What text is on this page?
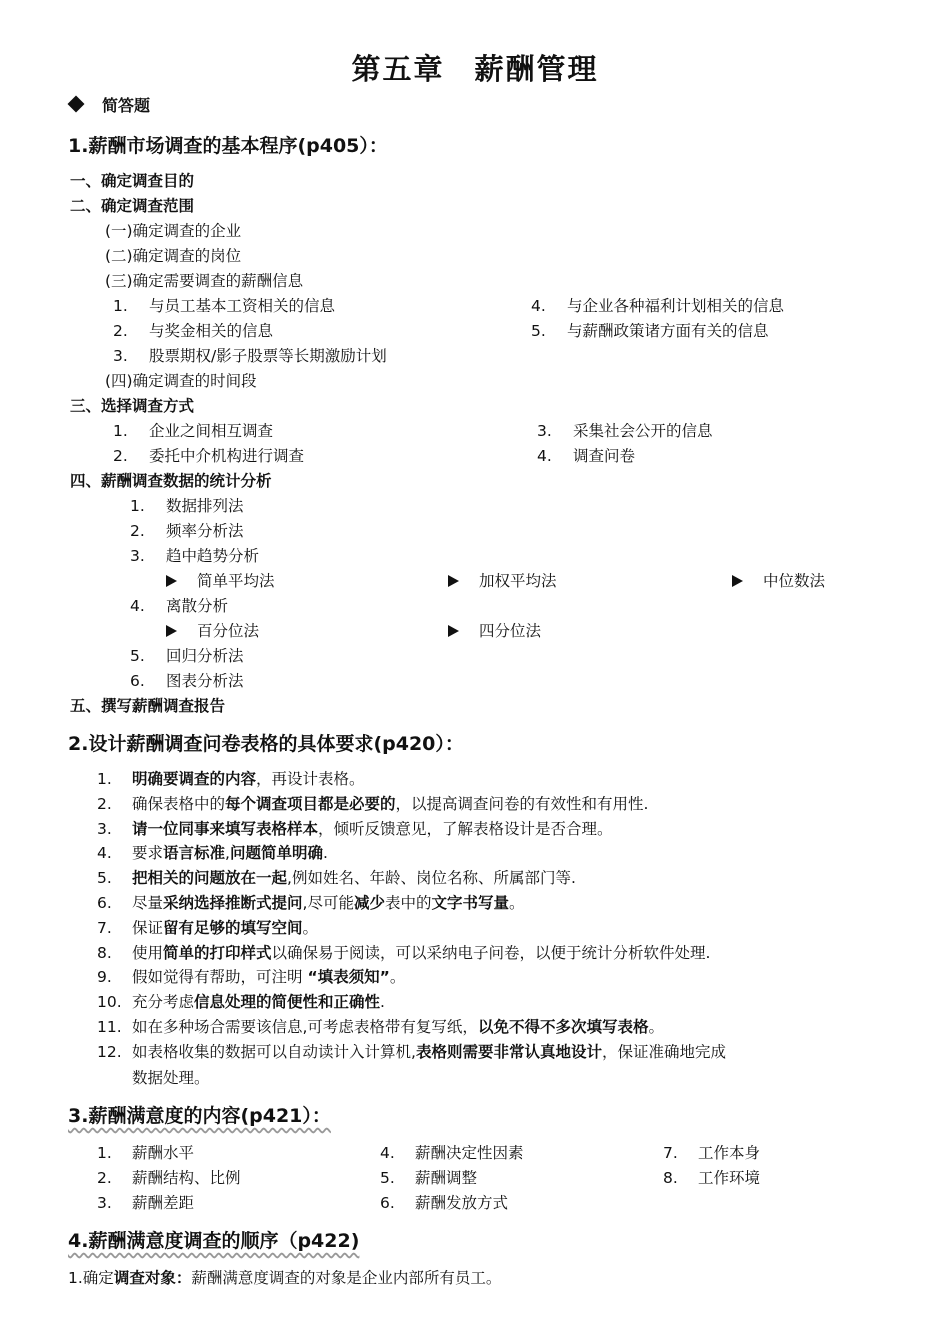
第五章 薪酬管理
简答题
1.薪酬市场调查的基本程序(p405）：
一、确定调查目的
二、确定调查范围
(一)确定调查的企业
(二)确定调查的岗位
(三)确定需要调查的薪酬信息
1. 与员工基本工资相关的信息
2. 与奖金相关的信息
3. 股票期权/影子股票等长期激励计划
4. 与企业各种福利计划相关的信息
5. 与薪酬政策诸方面有关的信息
(四)确定调查的时间段
三、选择调查方式
1. 企业之间相互调查
2. 委托中介机构进行调查
3. 采集社会公开的信息
4. 调查问卷
四、薪酬调查数据的统计分析
1. 数据排列法
2. 频率分析法
3. 趋中趋势分析
简单平均法	加权平均法	中位数法
4. 离散分析
百分位法	四分位法
5. 回归分析法
6. 图表分析法
五、撰写薪酬调查报告
2.设计薪酬调查问卷表格的具体要求(p420）：
1. 明确要调查的内容，再设计表格。
2. 确保表格中的每个调查项目都是必要的，以提高调查问卷的有效性和有用性.
3. 请一位同事来填写表格样本，倾听反馈意见，了解表格设计是否合理。
4. 要求语言标准,问题简单明确.
5. 把相关的问题放在一起,例如姓名、年龄、岗位名称、所属部门等.
6. 尽量采纳选择推断式提问,尽可能减少表中的文字书写量。
7. 保证留有足够的填写空间。
8. 使用简单的打印样式以确保易于阅读，可以采纳电子问卷，以便于统计分析软件处理.
9. 假如觉得有帮助，可注明 “填表须知”。
10. 充分考虑信息处理的简便性和正确性.
11. 如在多种场合需要该信息,可考虑表格带有复写纸，以免不得不多次填写表格。
12. 如表格收集的数据可以自动读计入计算机,表格则需要非常认真地设计，保证准确地完成
数据处理。
3.薪酬满意度的内容(p421）：
1. 薪酬水平
2. 薪酬结构、比例
3. 薪酬差距
4. 薪酬决定性因素
5. 薪酬调整
6. 薪酬发放方式
7. 工作本身
8. 工作环境
4.薪酬满意度调查的顺序（p422)
1.确定调查对象：薪酬满意度调查的对象是企业内部所有员工。
